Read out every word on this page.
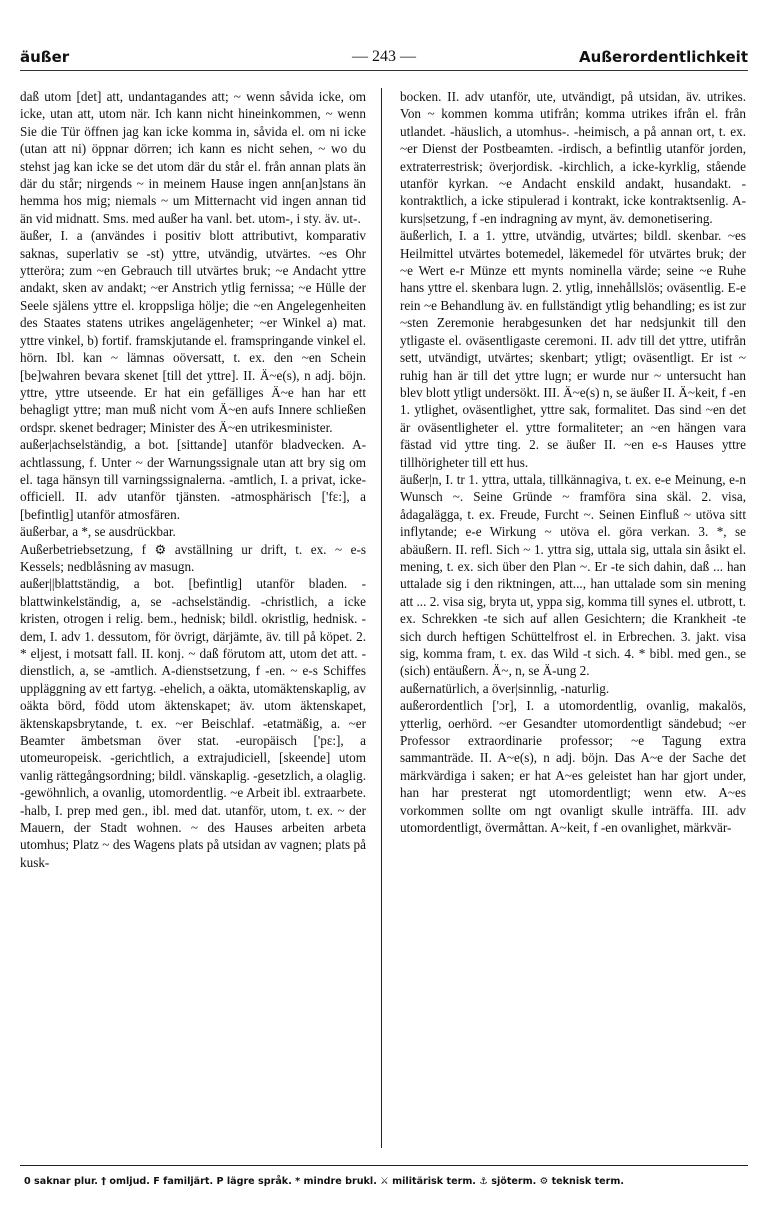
äußer	— 243 —	Außerordentlichkeit

daß utom [det] att, undantagandes att; ~ wenn såvida icke, om icke, utan att, utom när. Ich kann nicht hineinkommen, ~ wenn Sie die Tür öffnen jag kan icke komma in, såvida el. om ni icke (utan att ni) öppnar dörren; ich kann es nicht sehen, ~ wo du stehst jag kan icke se det utom där du står el. från annan plats än där du står; nirgends ~ in meinem Hause ingen ann[an]stans än hemma hos mig; niemals ~ um Mitternacht vid ingen annan tid än vid midnatt. Sms. med außer ha vanl. bet. utom-, i sty. äv. ut-.

äußer, I. a (användes i positiv blott attributivt, komparativ saknas, superlativ se -st) yttre, utvändig, utvärtes. ~es Ohr ytteröra; zum ~en Gebrauch till utvärtes bruk; ~e Andacht yttre andakt, sken av andakt; ~er Anstrich ytlig fernissa; ~e Hülle der Seele själens yttre el. kroppsliga hölje; die ~en Angelegenheiten des Staates statens utrikes angelägenheter; ~er Winkel a) mat. yttre vinkel, b) fortif. framskjutande el. framspringande vinkel el. hörn. Ibl. kan ~ lämnas oöversatt, t. ex. den ~en Schein [be]wahren bevara skenet [till det yttre]. II. Ä~e(s), n adj. böjn. yttre, yttre utseende. Er hat ein gefälliges Ä~e han har ett behagligt yttre; man muß nicht vom Ä~en aufs Innere schließen ordspr. skenet bedrager; Minister des Ä~en utrikesminister.

außer|achselständig, a bot. [sittande] utanför bladvecken. A-achtlassung, f. Unter ~ der Warnungssignale utan att bry sig om el. taga hänsyn till varningssignalerna. -amtlich, I. a privat, icke-officiell. II. adv utanför tjänsten. -atmosphärisch ['fɛ:], a [befintlig] utanför atmosfären.

äußerbar, a *, se ausdrückbar.

Außerbetriebsetzung, f ⚙ avställning ur drift, t. ex. ~ e-s Kessels; nedblåsning av masugn.

außer||blattständig, a bot. [befintlig] utanför bladen. -blattwinkelständig, a, se -achselständig. -christlich, a icke kristen, otrogen i relig. bem., hednisk; bildl. okristlig, hednisk. -dem, I. adv 1. dessutom, för övrigt, därjämte, äv. till på köpet. 2. * eljest, i motsatt fall. II. konj. ~ daß förutom att, utom det att. -dienstlich, a, se -amtlich. A-dienstsetzung, f -en. ~ e-s Schiffes uppläggning av ett fartyg. -ehelich, a oäkta, utomäktenskaplig, av oäkta börd, född utom äktenskapet; äv. utom äktenskapet, äktenskapsbrytande, t. ex. ~er Beischlaf. -etatmäßig, a. ~er Beamter ämbetsman över stat. -europäisch ['pɛ:], a utomeuropeisk. -gerichtlich, a extrajudiciell, [skeende] utom vanlig rättegångsordning; bildl. vänskaplig. -gesetzlich, a olaglig. -gewöhnlich, a ovanlig, utomordentlig. ~e Arbeit ibl. extraarbete. -halb, I. prep med gen., ibl. med dat. utanför, utom, t. ex. ~ der Mauern, der Stadt wohnen. ~ des Hauses arbeiten arbeta utomhus; Platz ~ des Wagens plats på utsidan av vagnen; plats på kusk-

bocken. II. adv utanför, ute, utvändigt, på utsidan, äv. utrikes. Von ~ kommen komma utifrån; komma utrikes ifrån el. från utlandet. -häuslich, a utomhus-. -heimisch, a på annan ort, t. ex. ~er Dienst der Postbeamten. -irdisch, a befintlig utanför jorden, extraterrestrisk; överjordisk. -kirchlich, a icke-kyrklig, stående utanför kyrkan. ~e Andacht enskild andakt, husandakt. -kontraktlich, a icke stipulerad i kontrakt, icke kontraktsenlig. A-kurs|setzung, f -en indragning av mynt, äv. demonetisering.

äußerlich, I. a 1. yttre, utvändig, utvärtes; bildl. skenbar. ~es Heilmittel utvärtes botemedel, läkemedel för utvärtes bruk; der ~e Wert e-r Münze ett mynts nominella värde; seine ~e Ruhe hans yttre el. skenbara lugn. 2. ytlig, innehållslös; oväsentlig. E-e rein ~e Behandlung äv. en fullständigt ytlig behandling; es ist zur ~sten Zeremonie herabgesunken det har nedsjunkit till den ytligaste el. oväsentligaste ceremoni. II. adv till det yttre, utifrån sett, utvändigt, utvärtes; skenbart; ytligt; oväsentligt. Er ist ~ ruhig han är till det yttre lugn; er wurde nur ~ untersucht han blev blott ytligt undersökt. III. Ä~e(s) n, se äußer II. Ä~keit, f -en 1. ytlighet, oväsentlighet, yttre sak, formalitet. Das sind ~en det är oväsentligheter el. yttre formaliteter; an ~en hängen vara fästad vid yttre ting. 2. se äußer II. ~en e-s Hauses yttre tillhörigheter till ett hus.

äußer|n, I. tr 1. yttra, uttala, tillkännagiva, t. ex. e-e Meinung, e-n Wunsch ~. Seine Gründe ~ framföra sina skäl. 2. visa, ådagalägga, t. ex. Freude, Furcht ~. Seinen Einfluß ~ utöva sitt inflytande; e-e Wirkung ~ utöva el. göra verkan. 3. *, se abäußern. II. refl. Sich ~ 1. yttra sig, uttala sig, uttala sin åsikt el. mening, t. ex. sich über den Plan ~. Er -te sich dahin, daß ... han uttalade sig i den riktningen, att..., han uttalade som sin mening att ... 2. visa sig, bryta ut, yppa sig, komma till synes el. utbrott, t. ex. Schrekken -te sich auf allen Gesichtern; die Krankheit -te sich durch heftigen Schüttelfrost el. in Erbrechen. 3. jakt. visa sig, komma fram, t. ex. das Wild -t sich. 4. * bibl. med gen., se (sich) entäußern. Ä~, n, se Ä-ung 2.

außernatürlich, a över|sinnlig, -naturlig.

außerordentlich ['ɔr], I. a utomordentlig, ovanlig, makalös, ytterlig, oerhörd. ~er Gesandter utomordentligt sändebud; ~er Professor extraordinarie professor; ~e Tagung extra sammanträde. II. A~e(s), n adj. böjn. Das A~e der Sache det märkvärdiga i saken; er hat A~es geleistet han har gjort under, han har presterat ngt utomordentligt; wenn etw. A~es vorkommen sollte om ngt ovanligt skulle inträffa. III. adv utomordentligt, övermåttan. A~keit, f -en ovanlighet, märkvär-

0 saknar plur. † omljud. F familjärt. P lägre språk. * mindre brukl. ⚔ militärisk term. ⚓ sjöterm. ⚙ teknisk term.
